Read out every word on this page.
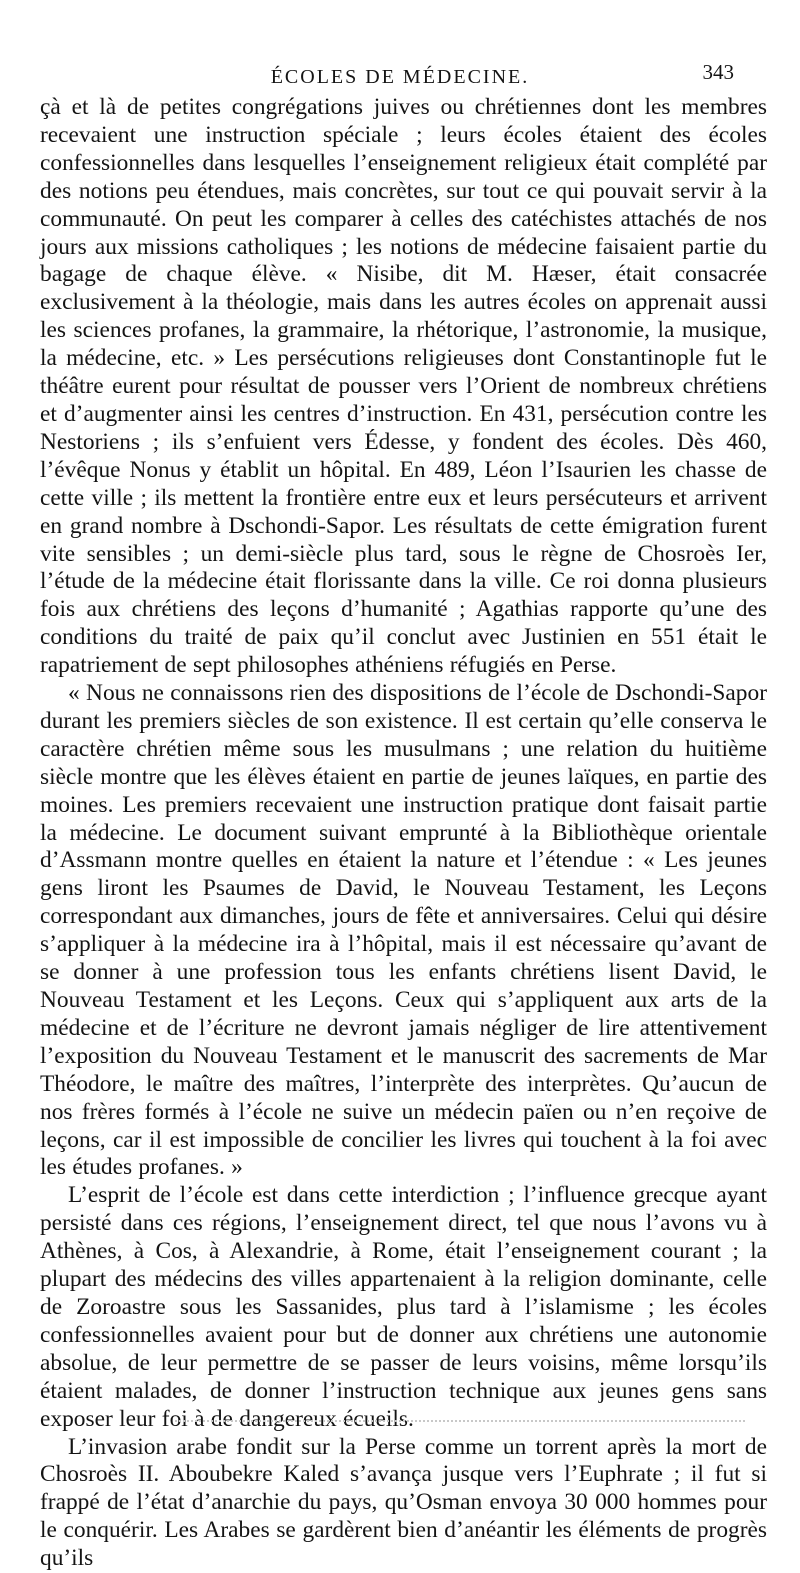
ÉCOLES DE MÉDECINE.	343

çà et là de petites congrégations juives ou chrétiennes dont les membres recevaient une instruction spéciale ; leurs écoles étaient des écoles confessionnelles dans lesquelles l’enseignement religieux était complété par des notions peu étendues, mais concrètes, sur tout ce qui pouvait servir à la communauté. On peut les comparer à celles des catéchistes attachés de nos jours aux missions catholiques ; les notions de médecine faisaient partie du bagage de chaque élève. « Nisibe, dit M. Hæser, était consacrée exclusivement à la théologie, mais dans les autres écoles on apprenait aussi les sciences profanes, la grammaire, la rhétorique, l’astronomie, la musique, la médecine, etc. » Les persécutions religieuses dont Constantinople fut le théâtre eurent pour résultat de pousser vers l’Orient de nombreux chrétiens et d’augmenter ainsi les centres d’instruction. En 431, persécution contre les Nestoriens ; ils s’enfuient vers Édesse, y fondent des écoles. Dès 460, l’évêque Nonus y établit un hôpital. En 489, Léon l’Isaurien les chasse de cette ville ; ils mettent la frontière entre eux et leurs persécuteurs et arrivent en grand nombre à Dschondi-Sapor. Les résultats de cette émigration furent vite sensibles ; un demi-siècle plus tard, sous le règne de Chosroès Ier, l’étude de la médecine était florissante dans la ville. Ce roi donna plusieurs fois aux chrétiens des leçons d’humanité ; Agathias rapporte qu’une des conditions du traité de paix qu’il conclut avec Justinien en 551 était le rapatriement de sept philosophes athéniens réfugiés en Perse.

« Nous ne connaissons rien des dispositions de l’école de Dschondi-Sapor durant les premiers siècles de son existence. Il est certain qu’elle conserva le caractère chrétien même sous les musulmans ; une relation du huitième siècle montre que les élèves étaient en partie de jeunes laïques, en partie des moines. Les premiers recevaient une instruction pratique dont faisait partie la médecine. Le document suivant emprunté à la Bibliothèque orientale d’Assmann montre quelles en étaient la nature et l’étendue : « Les jeunes gens liront les Psaumes de David, le Nouveau Testament, les Leçons correspondant aux dimanches, jours de fête et anniversaires. Celui qui désire s’appliquer à la médecine ira à l’hôpital, mais il est nécessaire qu’avant de se donner à une profession tous les enfants chrétiens lisent David, le Nouveau Testament et les Leçons. Ceux qui s’appliquent aux arts de la médecine et de l’écriture ne devront jamais négliger de lire attentivement l’exposition du Nouveau Testament et le manuscrit des sacrements de Mar Théodore, le maître des maîtres, l’interprète des interprètes. Qu’aucun de nos frères formés à l’école ne suive un médecin païen ou n’en reçoive de leçons, car il est impossible de concilier les livres qui touchent à la foi avec les études profanes. »

L’esprit de l’école est dans cette interdiction ; l’influence grecque ayant persisté dans ces régions, l’enseignement direct, tel que nous l’avons vu à Athènes, à Cos, à Alexandrie, à Rome, était l’enseignement courant ; la plupart des médecins des villes appartenaient à la religion dominante, celle de Zoroastre sous les Sassanides, plus tard à l’islamisme ; les écoles confessionnelles avaient pour but de donner aux chrétiens une autonomie absolue, de leur permettre de se passer de leurs voisins, même lorsqu’ils étaient malades, de donner l’instruction technique aux jeunes gens sans exposer leur foi à de dangereux écueils.

L’invasion arabe fondit sur la Perse comme un torrent après la mort de Chosroès II. Aboubekre Kaled s’avança jusque vers l’Euphrate ; il fut si frappé de l’état d’anarchie du pays, qu’Osman envoya 30 000 hommes pour le conquérir. Les Arabes se gardèrent bien d’anéantir les éléments de progrès qu’ils
